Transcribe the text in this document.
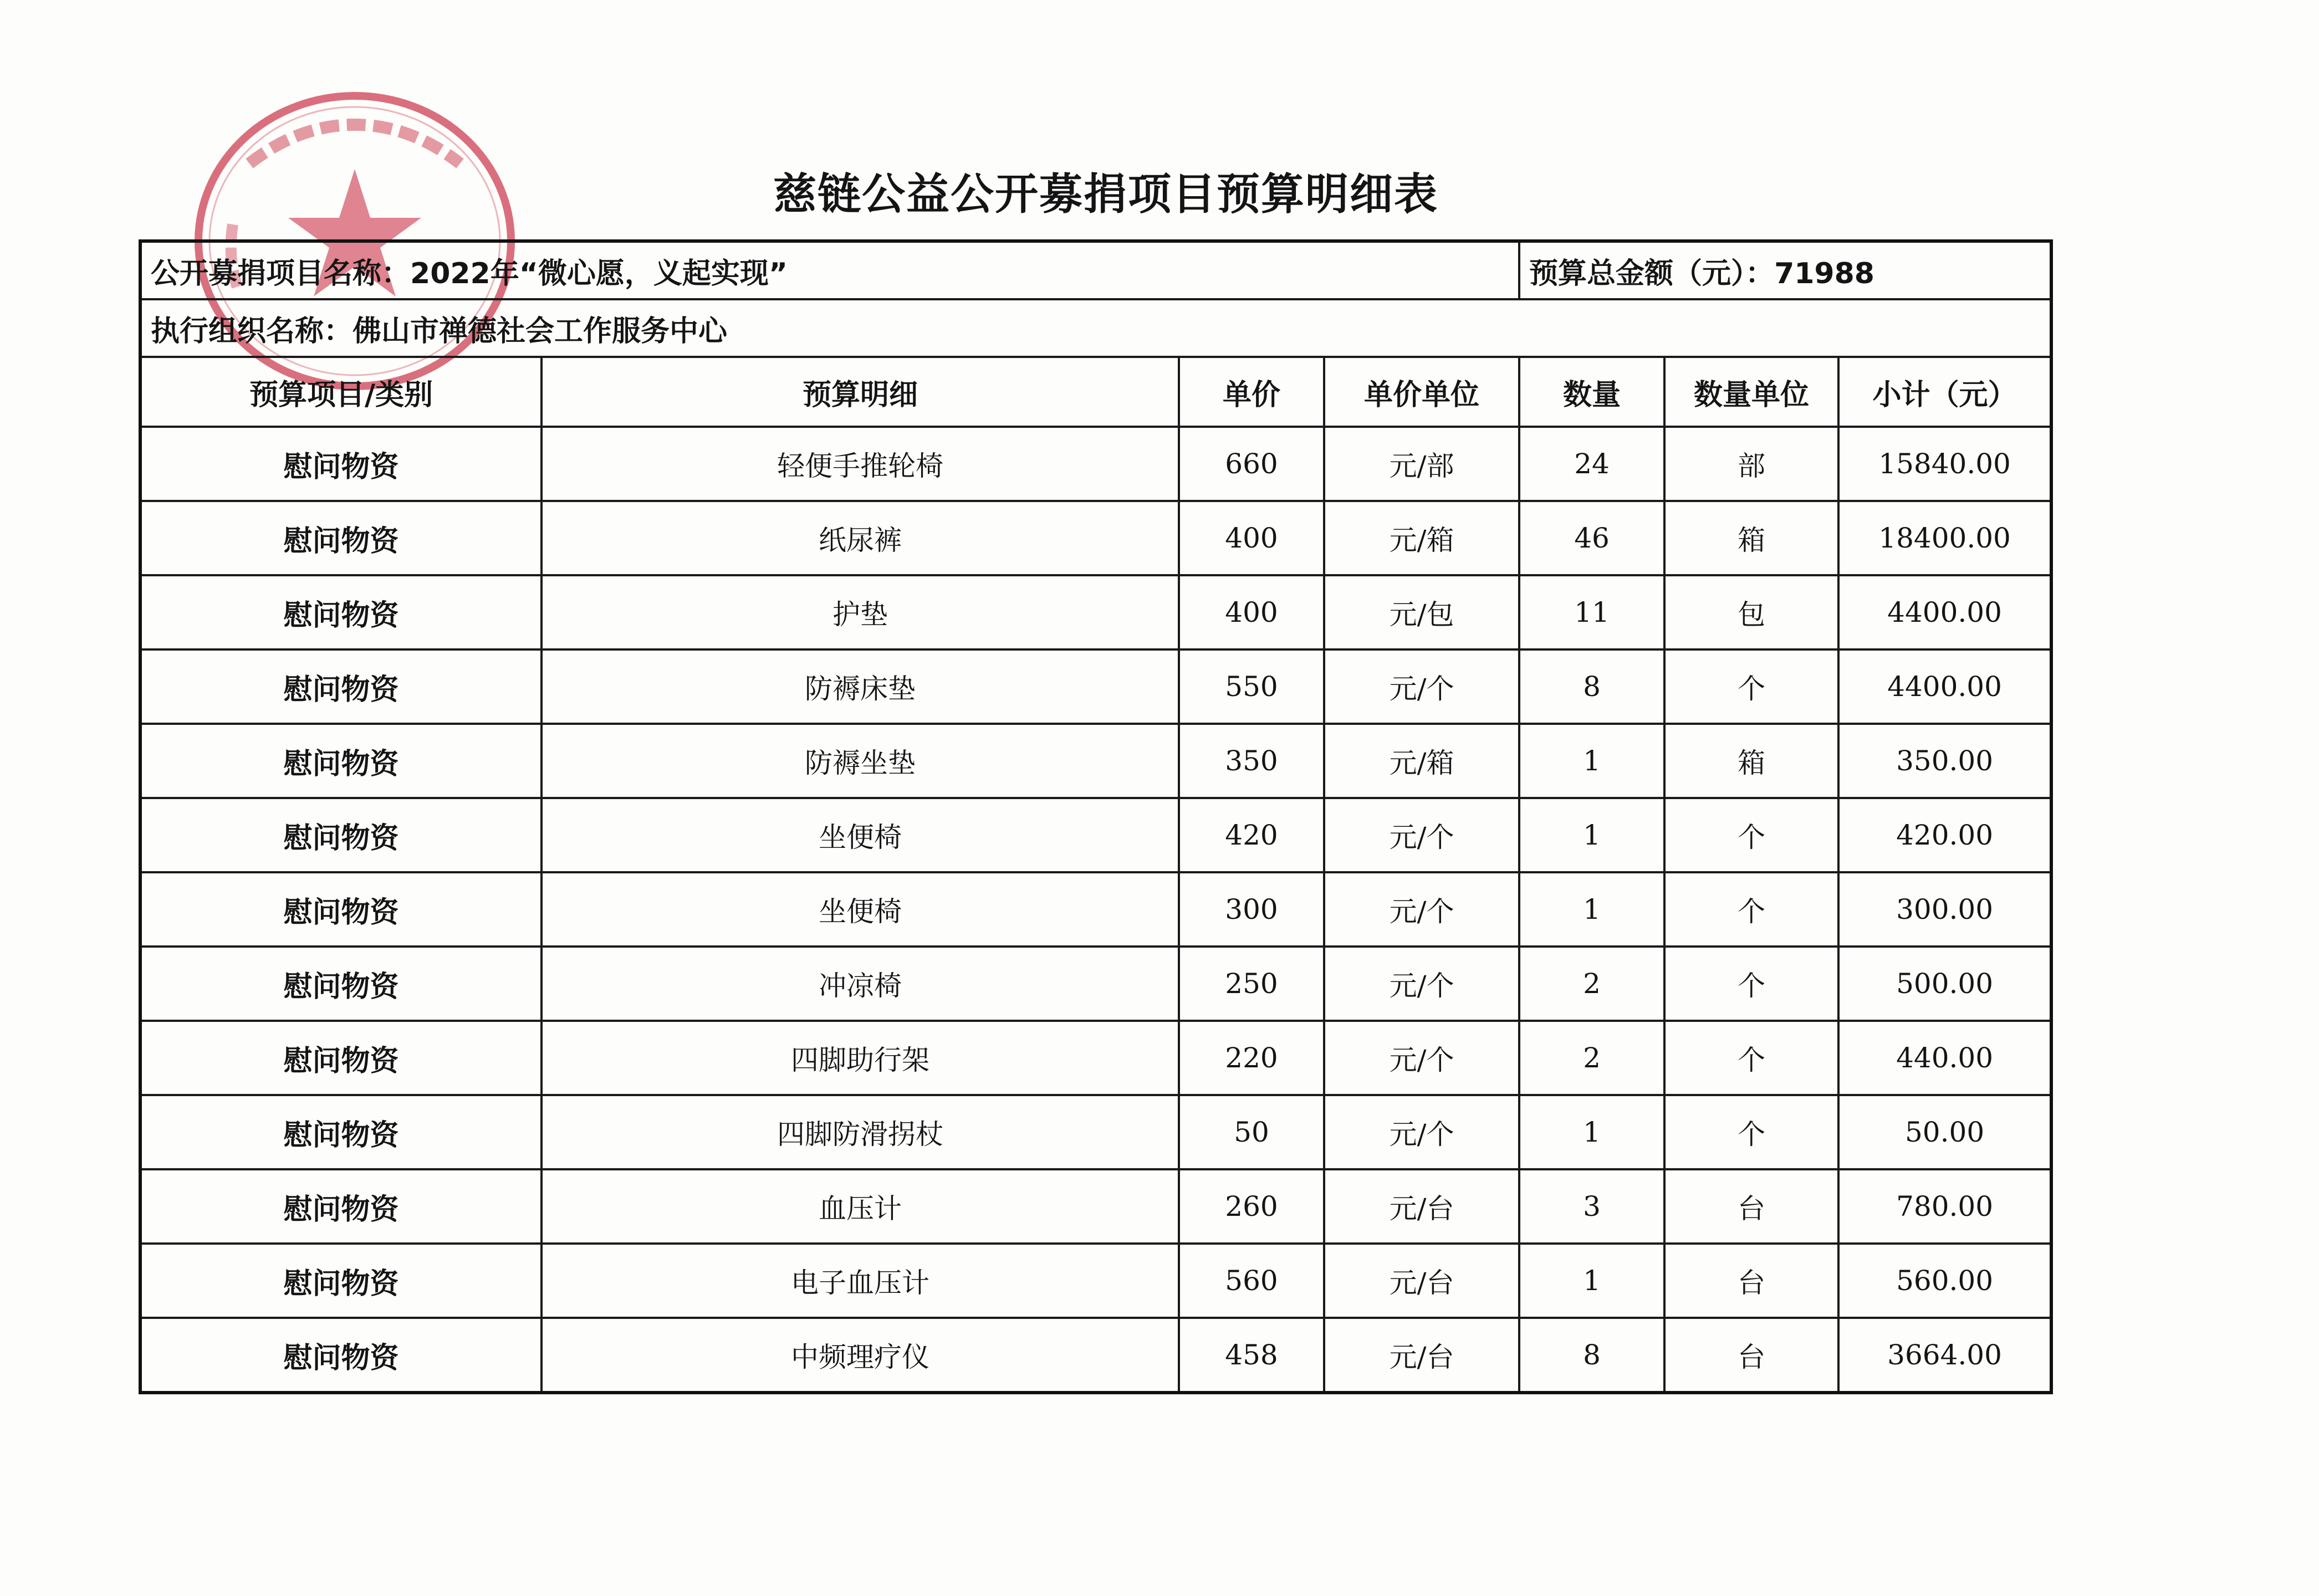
慈链公益公开募捐项目预算明细表
公开募捐项目名称：2022年“微心愿，义起实现”				预算总金额（元）：71988		
执行组织名称：佛山市禅德社会工作服务中心						
预算项目/类别	预算明细	单价	单价单位	数量	数量单位	小计（元）
慰问物资	轻便手推轮椅	660	元/部	24	部	15840.00
慰问物资	纸尿裤	400	元/箱	46	箱	18400.00
慰问物资	护垫	400	元/包	11	包	4400.00
慰问物资	防褥床垫	550	元/个	8	个	4400.00
慰问物资	防褥坐垫	350	元/箱	1	箱	350.00
慰问物资	坐便椅	420	元/个	1	个	420.00
慰问物资	坐便椅	300	元/个	1	个	300.00
慰问物资	冲凉椅	250	元/个	2	个	500.00
慰问物资	四脚助行架	220	元/个	2	个	440.00
慰问物资	四脚防滑拐杖	50	元/个	1	个	50.00
慰问物资	血压计	260	元/台	3	台	780.00
慰问物资	电子血压计	560	元/台	1	台	560.00
慰问物资	中频理疗仪	458	元/台	8	台	3664.00
